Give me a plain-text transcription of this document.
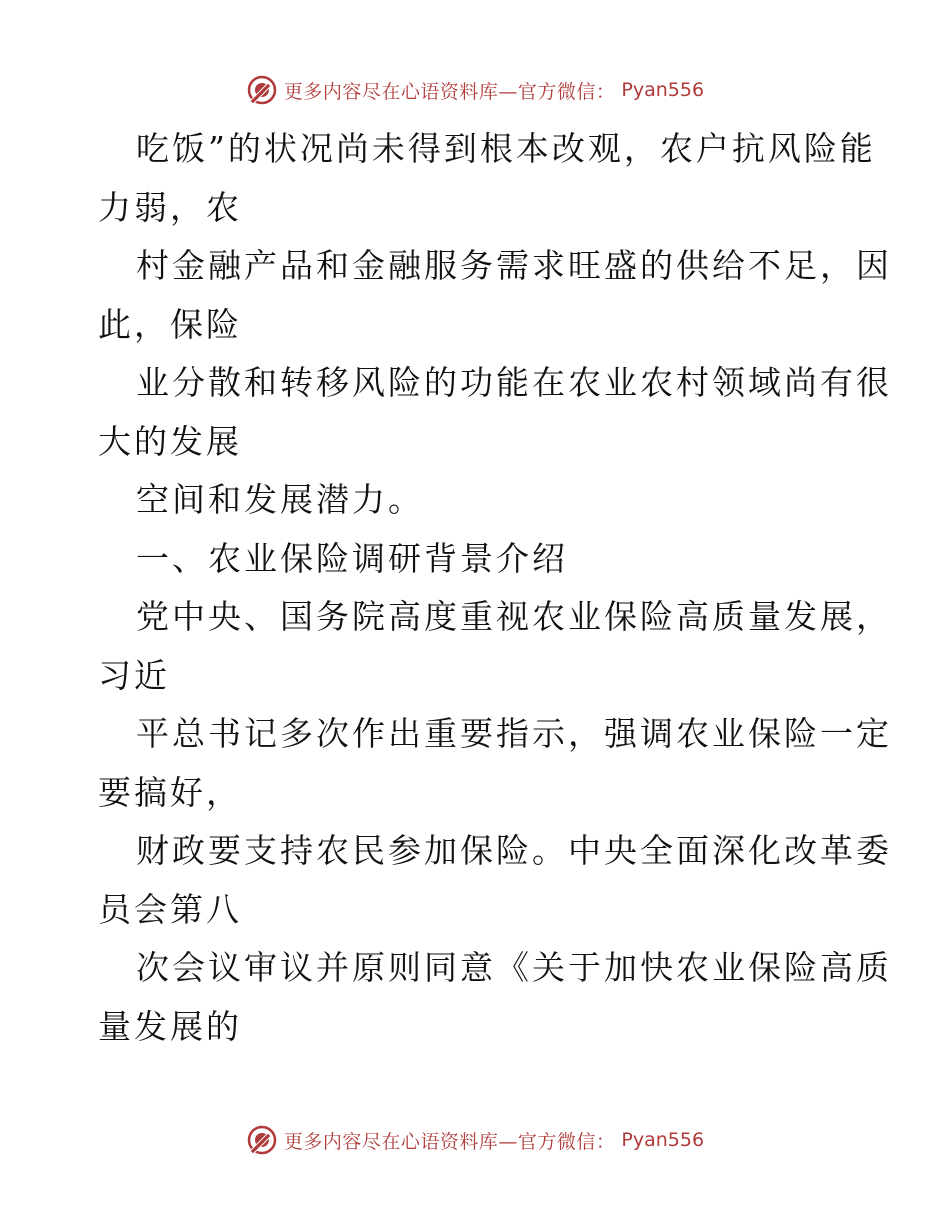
更多内容尽在心语资料库—官方微信： Pyan556

吃饭”的状况尚未得到根本改观，农户抗风险能

力弱，农

村金融产品和金融服务需求旺盛的供给不足，因

此，保险

业分散和转移风险的功能在农业农村领域尚有很

大的发展

空间和发展潜力。

一、农业保险调研背景介绍

党中央、国务院高度重视农业保险高质量发展，

习近

平总书记多次作出重要指示，强调农业保险一定

要搞好，

财政要支持农民参加保险。中央全面深化改革委

员会第八

次会议审议并原则同意《关于加快农业保险高质

量发展的

更多内容尽在心语资料库—官方微信： Pyan556
